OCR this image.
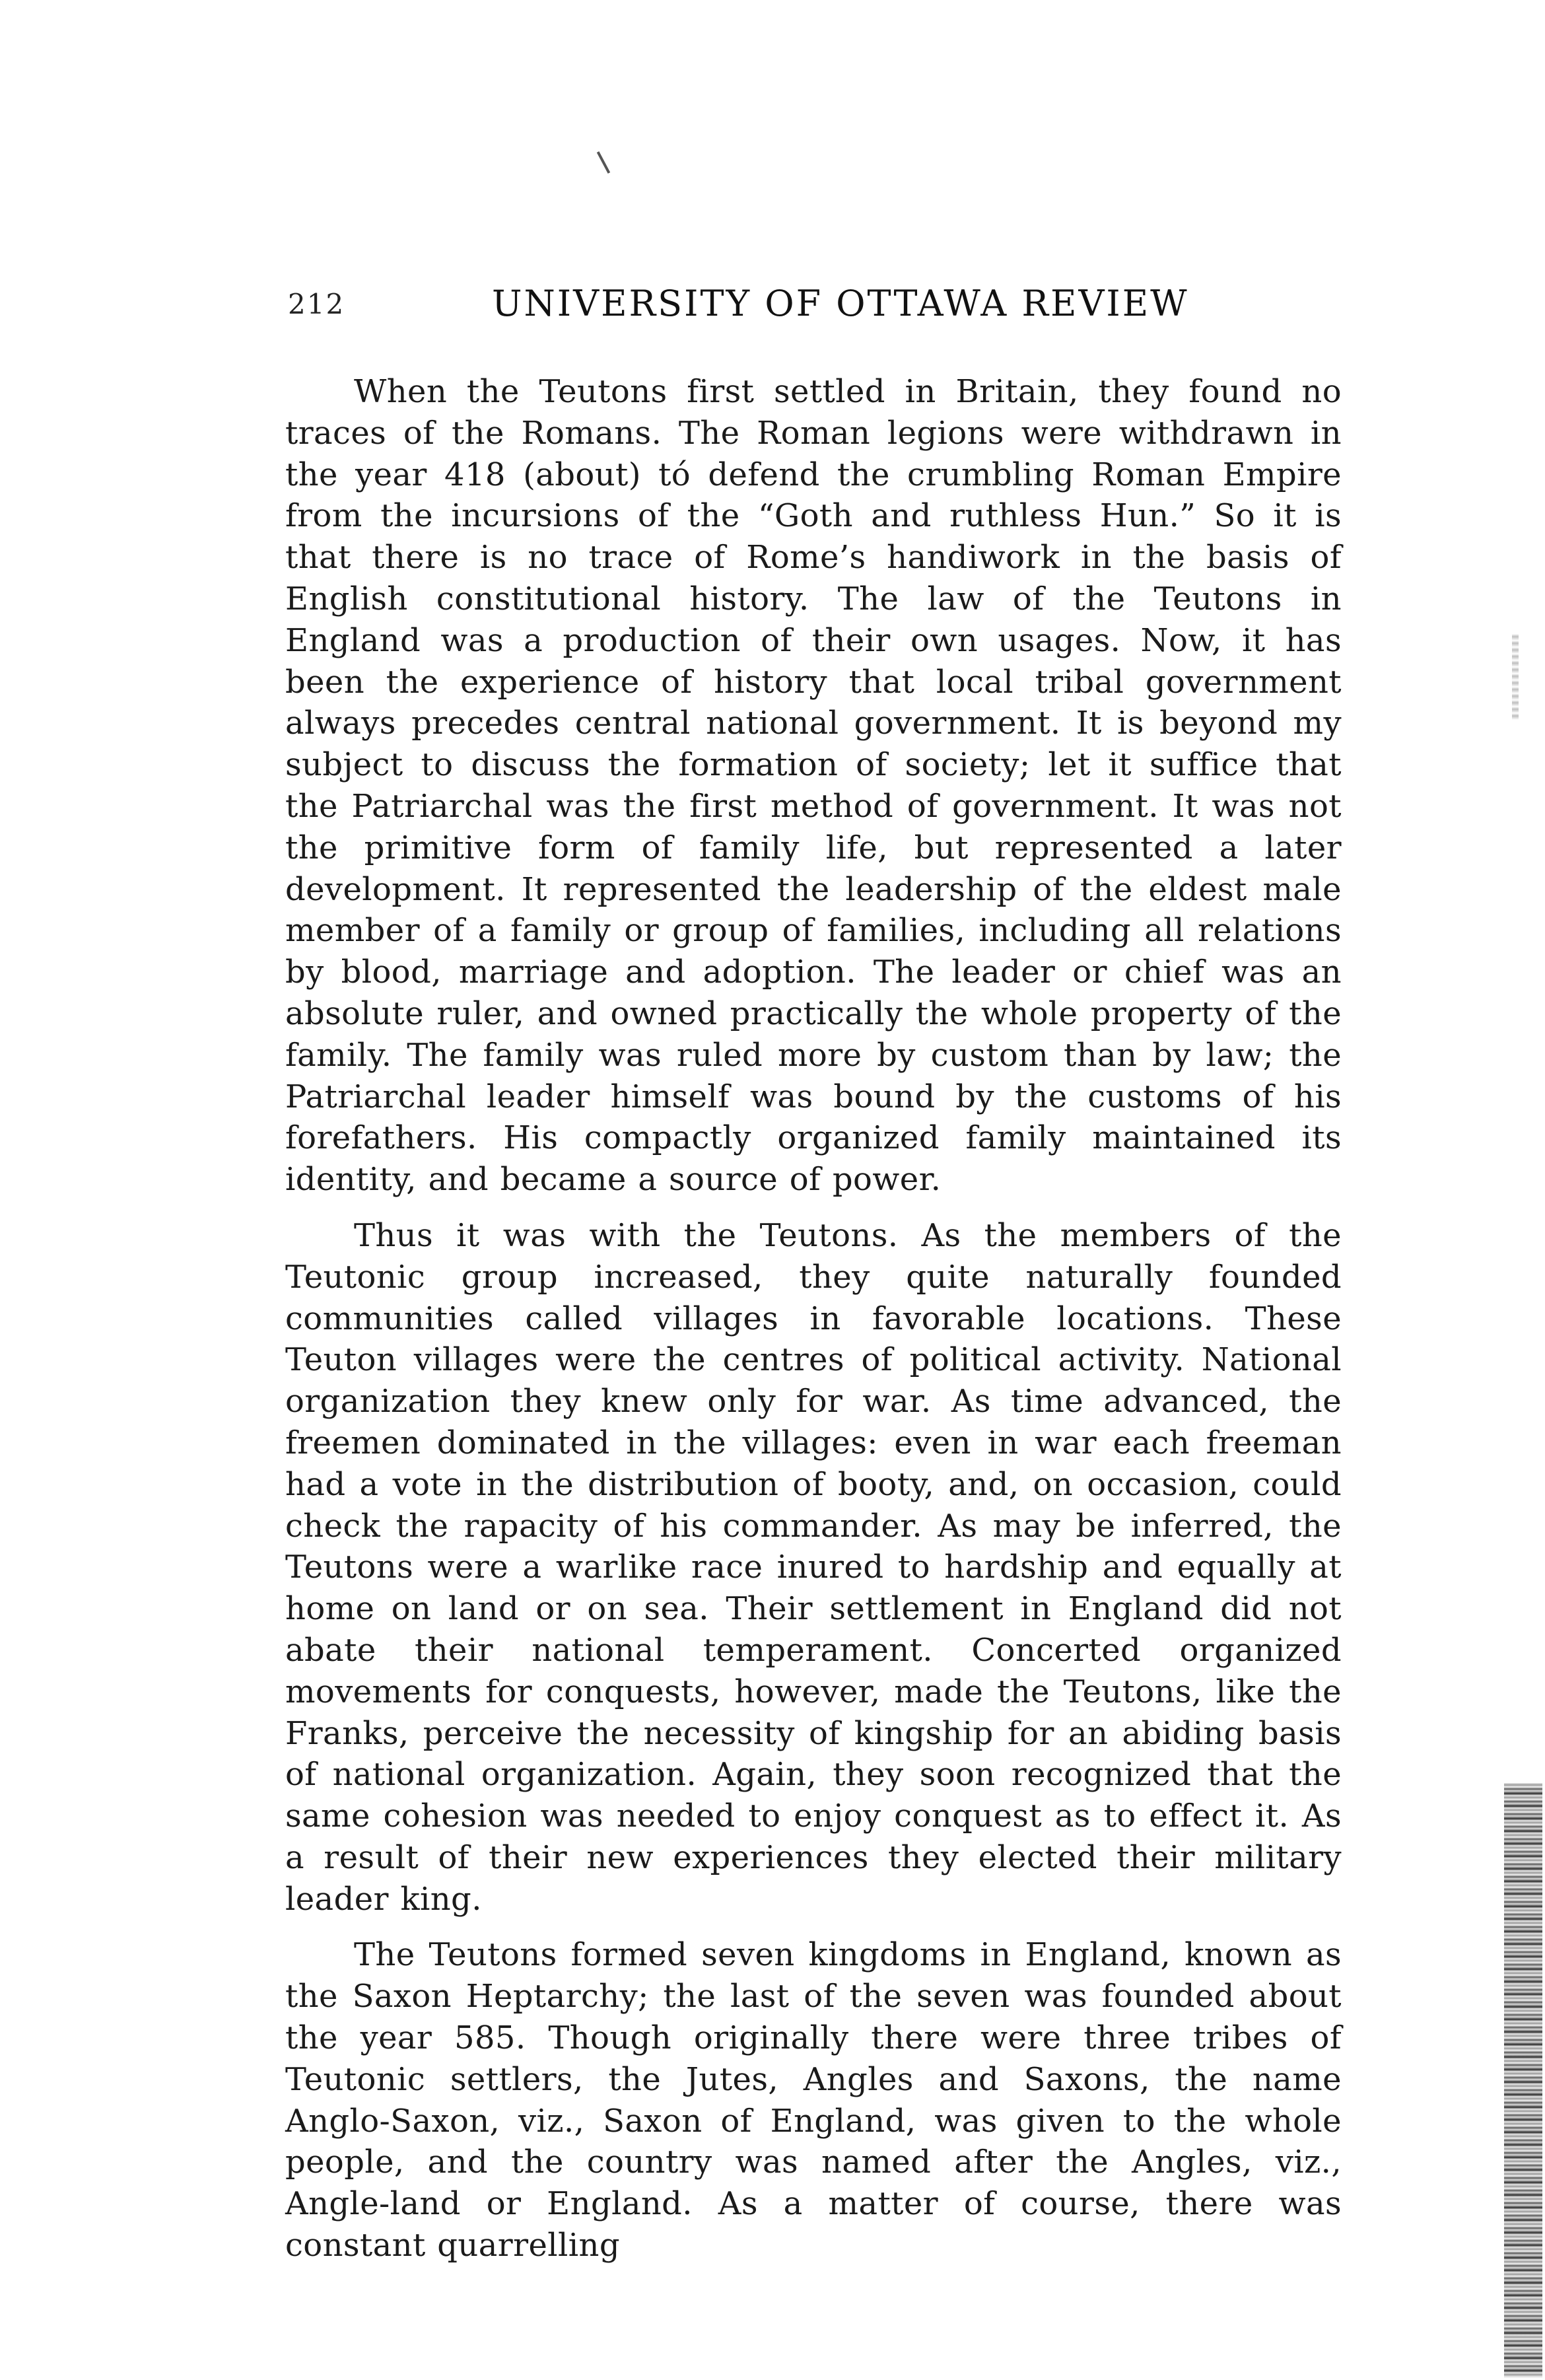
212	UNIVERSITY OF OTTAWA REVIEW

When the Teutons first settled in Britain, they found no traces of the Romans. The Roman legions were withdrawn in the year 418 (about) tó defend the crumbling Roman Empire from the incursions of the “Goth and ruthless Hun.” So it is that there is no trace of Rome’s handiwork in the basis of English constitutional history. The law of the Teutons in England was a production of their own usages. Now, it has been the experience of history that local tribal government always precedes central national government. It is beyond my subject to discuss the formation of society; let it suffice that the Patriarchal was the first method of government. It was not the primitive form of family life, but represented a later development. It represented the leadership of the eldest male member of a family or group of families, including all relations by blood, marriage and adoption. The leader or chief was an absolute ruler, and owned practically the whole property of the family. The family was ruled more by custom than by law; the Patriarchal leader himself was bound by the customs of his forefathers. His compactly organized family maintained its identity, and became a source of power.

Thus it was with the Teutons. As the members of the Teutonic group increased, they quite naturally founded communities called villages in favorable locations. These Teuton villages were the centres of political activity. National organization they knew only for war. As time advanced, the freemen dominated in the villages: even in war each freeman had a vote in the distribution of booty, and, on occasion, could check the rapacity of his commander. As may be inferred, the Teutons were a warlike race inured to hardship and equally at home on land or on sea. Their settlement in England did not abate their national temperament. Concerted organized movements for conquests, however, made the Teutons, like the Franks, perceive the necessity of kingship for an abiding basis of national organization. Again, they soon recognized that the same cohesion was needed to enjoy conquest as to effect it. As a result of their new experiences they elected their military leader king.

The Teutons formed seven kingdoms in England, known as the Saxon Heptarchy; the last of the seven was founded about the year 585. Though originally there were three tribes of Teutonic settlers, the Jutes, Angles and Saxons, the name Anglo-Saxon, viz., Saxon of England, was given to the whole people, and the country was named after the Angles, viz., Angle-land or England. As a matter of course, there was constant quarrelling
